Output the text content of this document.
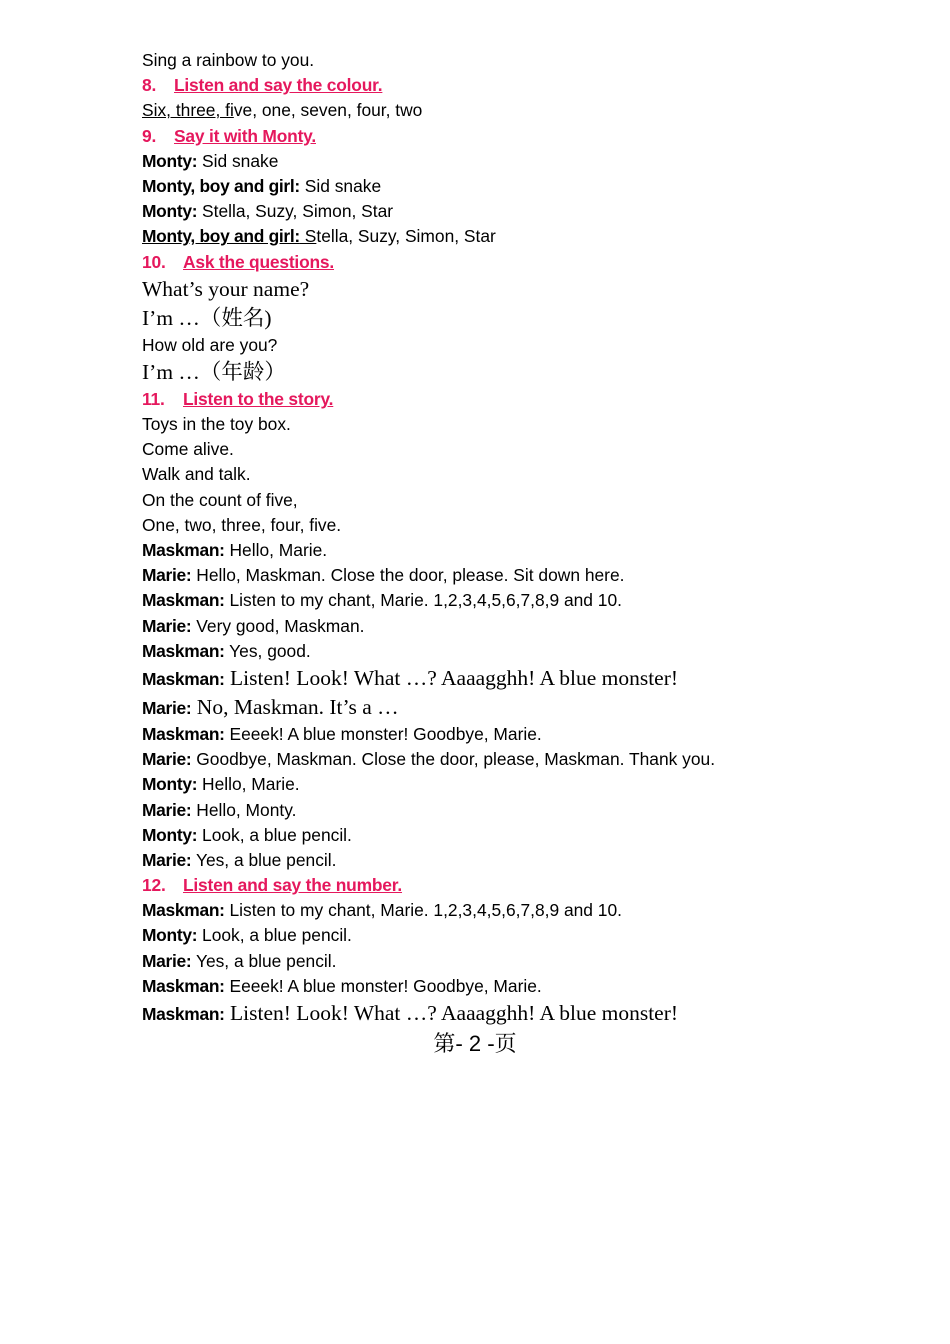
Sing a rainbow to you.
8. Listen and say the colour.
Six, three, five, one, seven, four, two
9. Say it with Monty.
Monty: Sid snake
Monty, boy and girl: Sid snake
Monty: Stella, Suzy, Simon, Star
Monty, boy and girl: Stella, Suzy, Simon, Star
10. Ask the questions.
What’s your name?
I’m …（姓名)
How old are you?
I’m …（年龄）
11. Listen to the story.
Toys in the toy box.
Come alive.
Walk and talk.
On the count of five,
One, two, three, four, five.
Maskman: Hello, Marie.
Marie: Hello, Maskman. Close the door, please. Sit down here.
Maskman: Listen to my chant, Marie. 1,2,3,4,5,6,7,8,9 and 10.
Marie: Very good, Maskman.
Maskman: Yes, good.
Maskman: Listen! Look! What …? Aaaagghh! A blue monster!
Marie: No, Maskman. It’s a …
Maskman: Eeeek! A blue monster! Goodbye, Marie.
Marie: Goodbye, Maskman. Close the door, please, Maskman. Thank you.
Monty: Hello, Marie.
Marie: Hello, Monty.
Monty: Look, a blue pencil.
Marie: Yes, a blue pencil.
12. Listen and say the number.
Maskman: Listen to my chant, Marie. 1,2,3,4,5,6,7,8,9 and 10.
Monty: Look, a blue pencil.
Marie: Yes, a blue pencil.
Maskman: Eeeek! A blue monster! Goodbye, Marie.
Maskman: Listen! Look! What …? Aaaagghh! A blue monster!
第- 2 -页
